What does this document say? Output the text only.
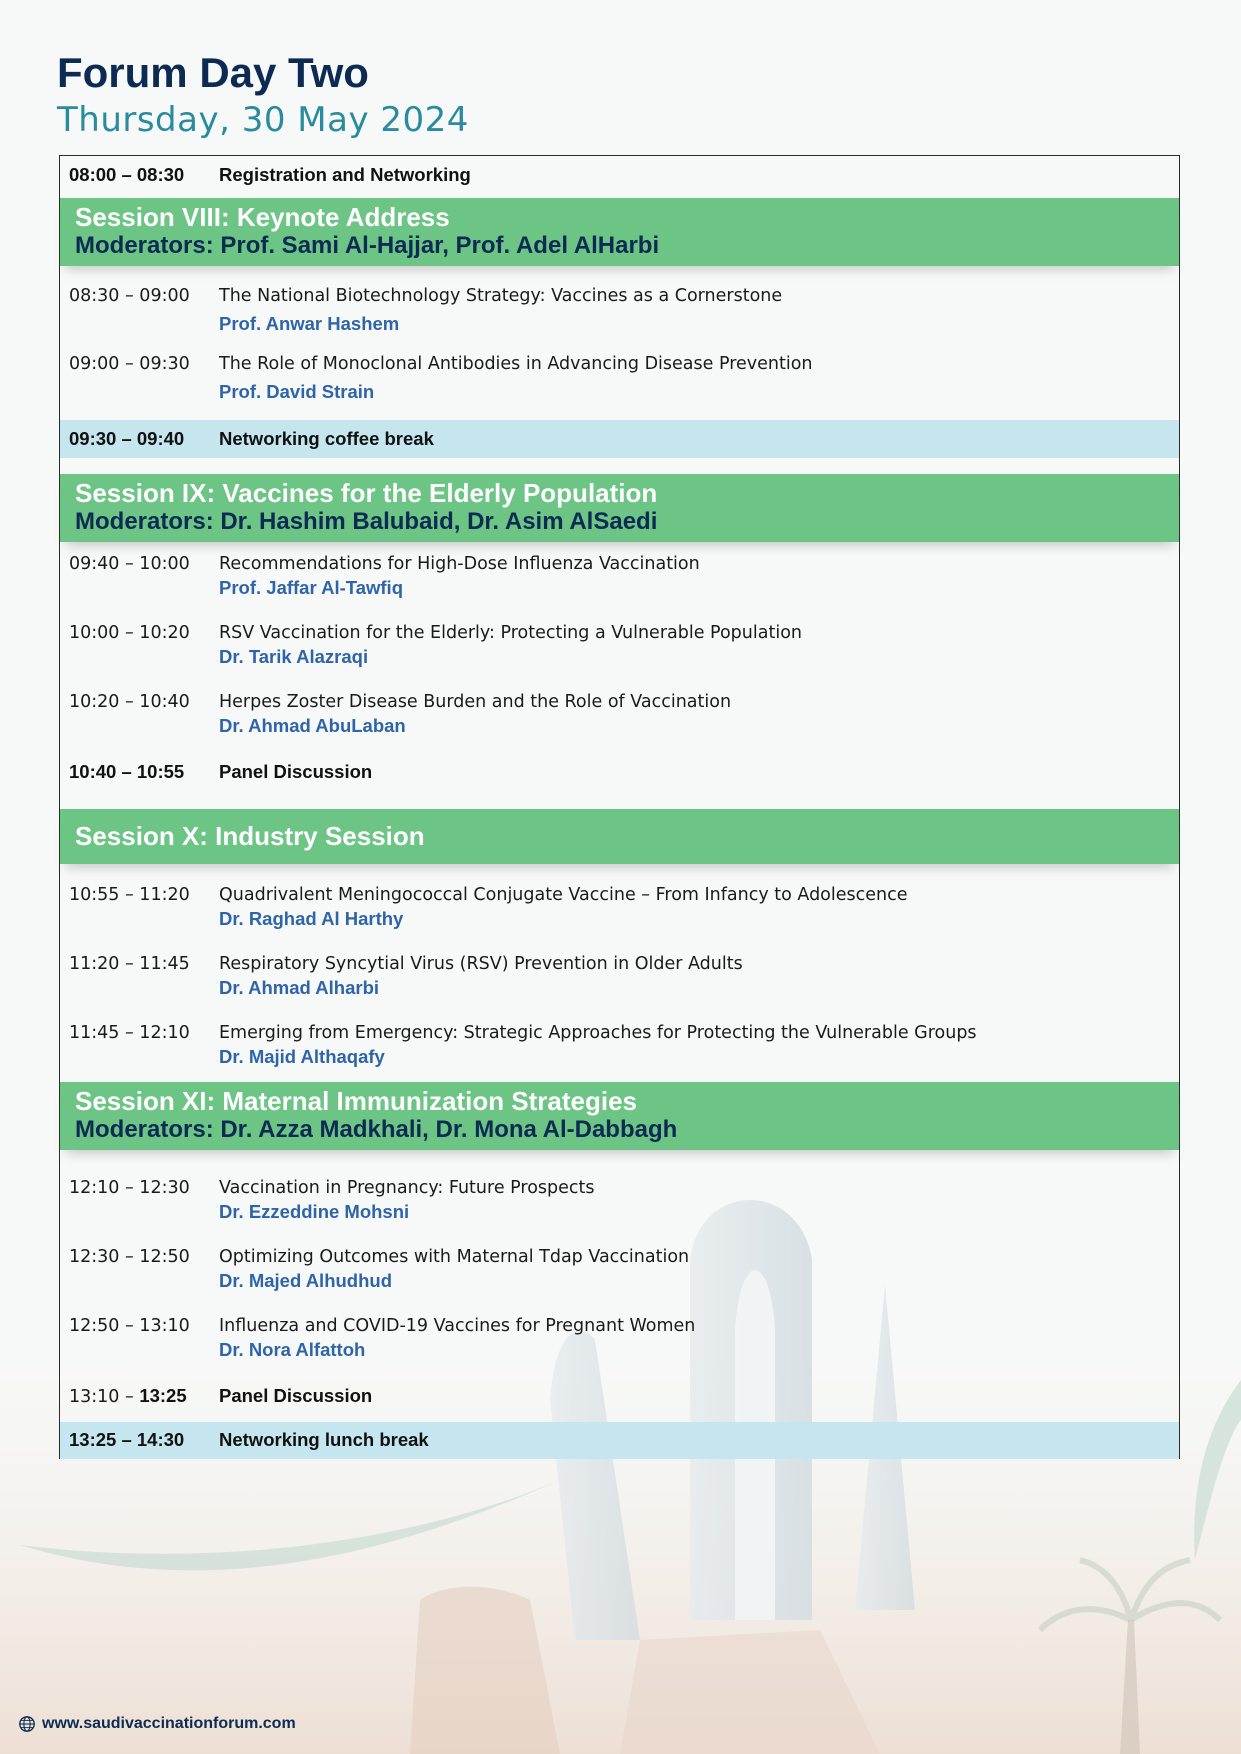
Forum Day Two
Thursday, 30 May 2024
08:00 – 08:30 Registration and Networking
Session VIII: Keynote Address
Moderators: Prof. Sami Al-Hajjar, Prof. Adel AlHarbi
08:30 – 09:00 The National Biotechnology Strategy: Vaccines as a Cornerstone
Prof. Anwar Hashem
09:00 – 09:30 The Role of Monoclonal Antibodies in Advancing Disease Prevention
Prof. David Strain
09:30 – 09:40 Networking coffee break
Session IX: Vaccines for the Elderly Population
Moderators: Dr. Hashim Balubaid, Dr. Asim AlSaedi
09:40 – 10:00 Recommendations for High-Dose Influenza Vaccination
Prof. Jaffar Al-Tawfiq
10:00 – 10:20 RSV Vaccination for the Elderly: Protecting a Vulnerable Population
Dr. Tarik Alazraqi
10:20 – 10:40 Herpes Zoster Disease Burden and the Role of Vaccination
Dr. Ahmad AbuLaban
10:40 – 10:55 Panel Discussion
Session X: Industry Session
10:55 – 11:20 Quadrivalent Meningococcal Conjugate Vaccine – From Infancy to Adolescence
Dr. Raghad Al Harthy
11:20 – 11:45 Respiratory Syncytial Virus (RSV) Prevention in Older Adults
Dr. Ahmad Alharbi
11:45 – 12:10 Emerging from Emergency: Strategic Approaches for Protecting the Vulnerable Groups
Dr. Majid Althaqafy
Session XI: Maternal Immunization Strategies
Moderators: Dr. Azza Madkhali, Dr. Mona Al-Dabbagh
12:10 – 12:30 Vaccination in Pregnancy: Future Prospects
Dr. Ezzeddine Mohsni
12:30 – 12:50 Optimizing Outcomes with Maternal Tdap Vaccination
Dr. Majed Alhudhud
12:50 – 13:10 Influenza and COVID-19 Vaccines for Pregnant Women
Dr. Nora Alfattoh
13:10 – 13:25 Panel Discussion
13:25 – 14:30 Networking lunch break
www.saudivaccinationforum.com
